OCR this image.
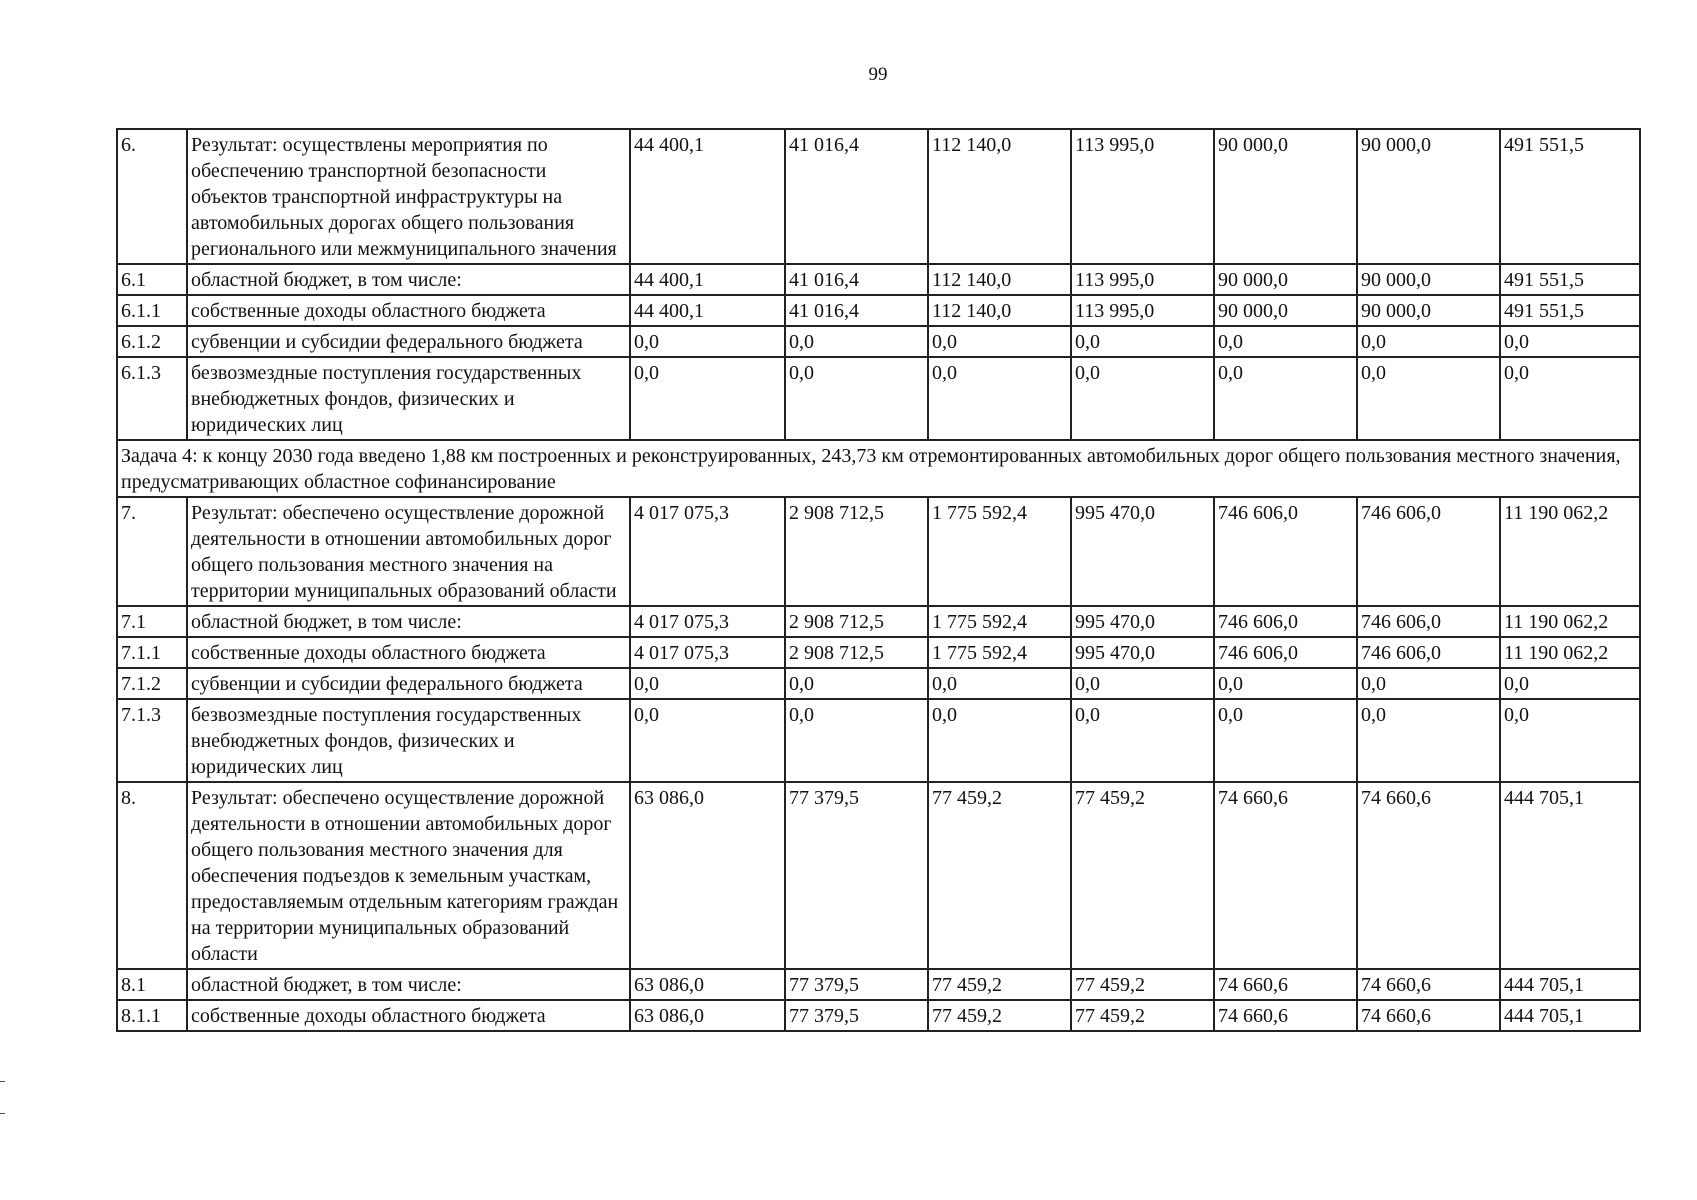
99
6.	Результат: осуществлены мероприятия по обеспечению транспортной безопасности объектов транспортной инфраструктуры на автомобильных дорогах общего пользования регионального или межмуниципального значения	44 400,1	41 016,4	112 140,0	113 995,0	90 000,0	90 000,0	491 551,5
6.1	областной бюджет, в том числе:	44 400,1	41 016,4	112 140,0	113 995,0	90 000,0	90 000,0	491 551,5
6.1.1	собственные доходы областного бюджета	44 400,1	41 016,4	112 140,0	113 995,0	90 000,0	90 000,0	491 551,5
6.1.2	субвенции и субсидии федерального бюджета	0,0	0,0	0,0	0,0	0,0	0,0	0,0
6.1.3	безвозмездные поступления государственных внебюджетных фондов, физических и юридических лиц	0,0	0,0	0,0	0,0	0,0	0,0	0,0
Задача 4: к концу 2030 года введено 1,88 км построенных и реконструированных, 243,73 км отремонтированных автомобильных дорог общего пользования местного значения, предусматривающих областное софинансирование								
7.	Результат: обеспечено осуществление дорожной деятельности в отношении автомобильных дорог общего пользования местного значения на территории муниципальных образований области	4 017 075,3	2 908 712,5	1 775 592,4	995 470,0	746 606,0	746 606,0	11 190 062,2
7.1	областной бюджет, в том числе:	4 017 075,3	2 908 712,5	1 775 592,4	995 470,0	746 606,0	746 606,0	11 190 062,2
7.1.1	собственные доходы областного бюджета	4 017 075,3	2 908 712,5	1 775 592,4	995 470,0	746 606,0	746 606,0	11 190 062,2
7.1.2	субвенции и субсидии федерального бюджета	0,0	0,0	0,0	0,0	0,0	0,0	0,0
7.1.3	безвозмездные поступления государственных внебюджетных фондов, физических и юридических лиц	0,0	0,0	0,0	0,0	0,0	0,0	0,0
8.	Результат: обеспечено осуществление дорожной деятельности в отношении автомобильных дорог общего пользования местного значения для обеспечения подъездов к земельным участкам, предоставляемым отдельным категориям граждан на территории муниципальных образований области	63 086,0	77 379,5	77 459,2	77 459,2	74 660,6	74 660,6	444 705,1
8.1	областной бюджет, в том числе:	63 086,0	77 379,5	77 459,2	77 459,2	74 660,6	74 660,6	444 705,1
8.1.1	собственные доходы областного бюджета	63 086,0	77 379,5	77 459,2	77 459,2	74 660,6	74 660,6	444 705,1
